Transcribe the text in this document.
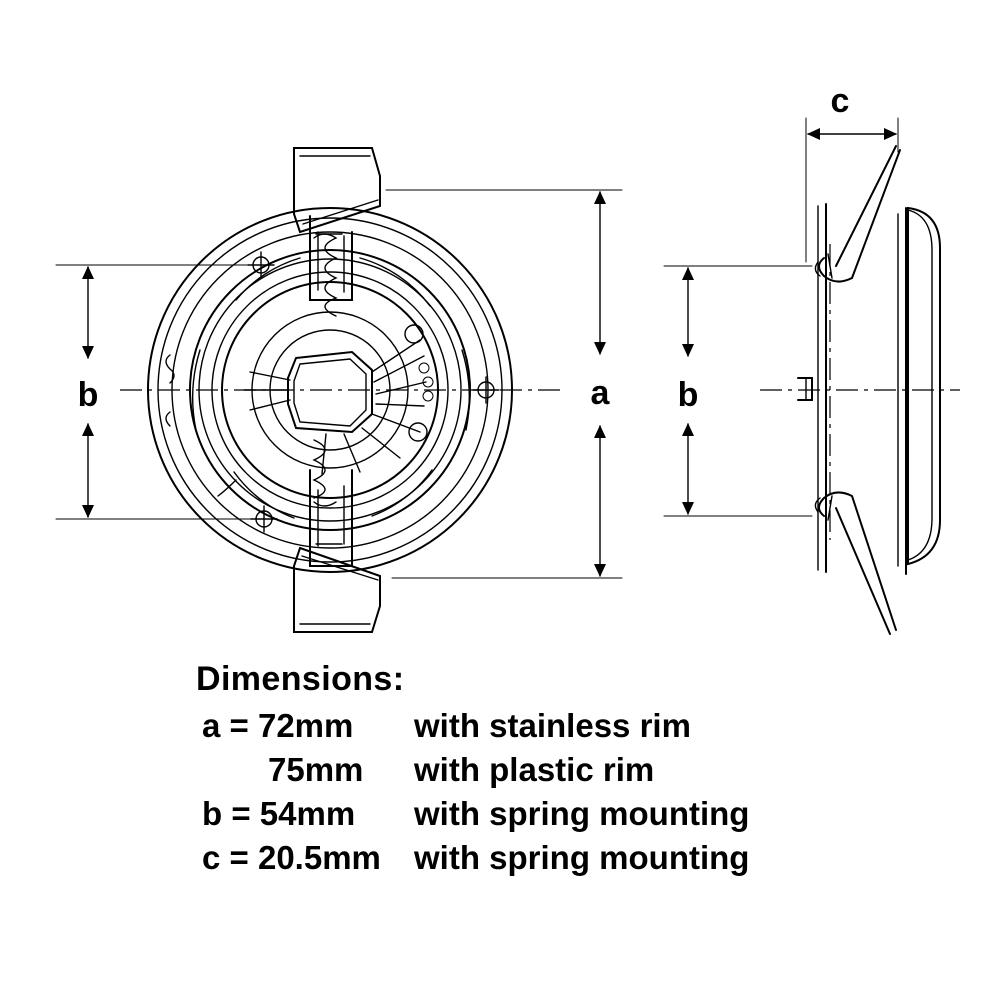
a
b
c
b
Dimensions:
a = 72mm	with stainless rim
75mm	with plastic rim
b = 54mm	with spring mounting
c = 20.5mm	with spring mounting
